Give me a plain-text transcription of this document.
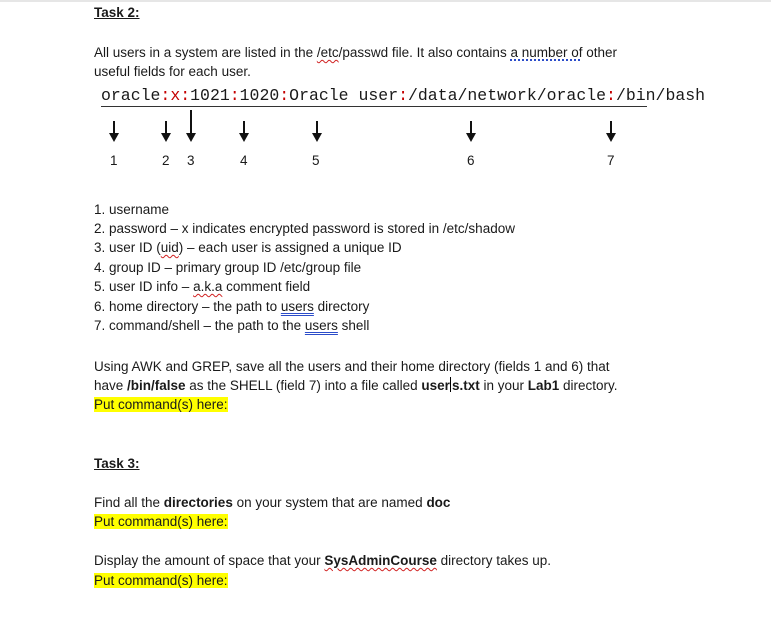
Task 2:
All users in a system are listed in the /etc/passwd file. It also contains a number of other
useful fields for each user.
oracle:x:1021:1020:Oracle user:/data/network/oracle:/bin/bash
1	2 3	4	5	6	7
1. username
2. password – x indicates encrypted password is stored in /etc/shadow
3. user ID (uid) – each user is assigned a unique ID
4. group ID – primary group ID /etc/group file
5. user ID info – a.k.a comment field
6. home directory – the path to users directory
7. command/shell – the path to the users shell
Using AWK and GREP, save all the users and their home directory (fields 1 and 6) that
have /bin/false as the SHELL (field 7) into a file called user s.txt in your Lab1 directory.
Put command(s) here:
Task 3:
Find all the directories on your system that are named doc
Put command(s) here:
Display the amount of space that your SysAdminCourse directory takes up.
Put command(s) here:
